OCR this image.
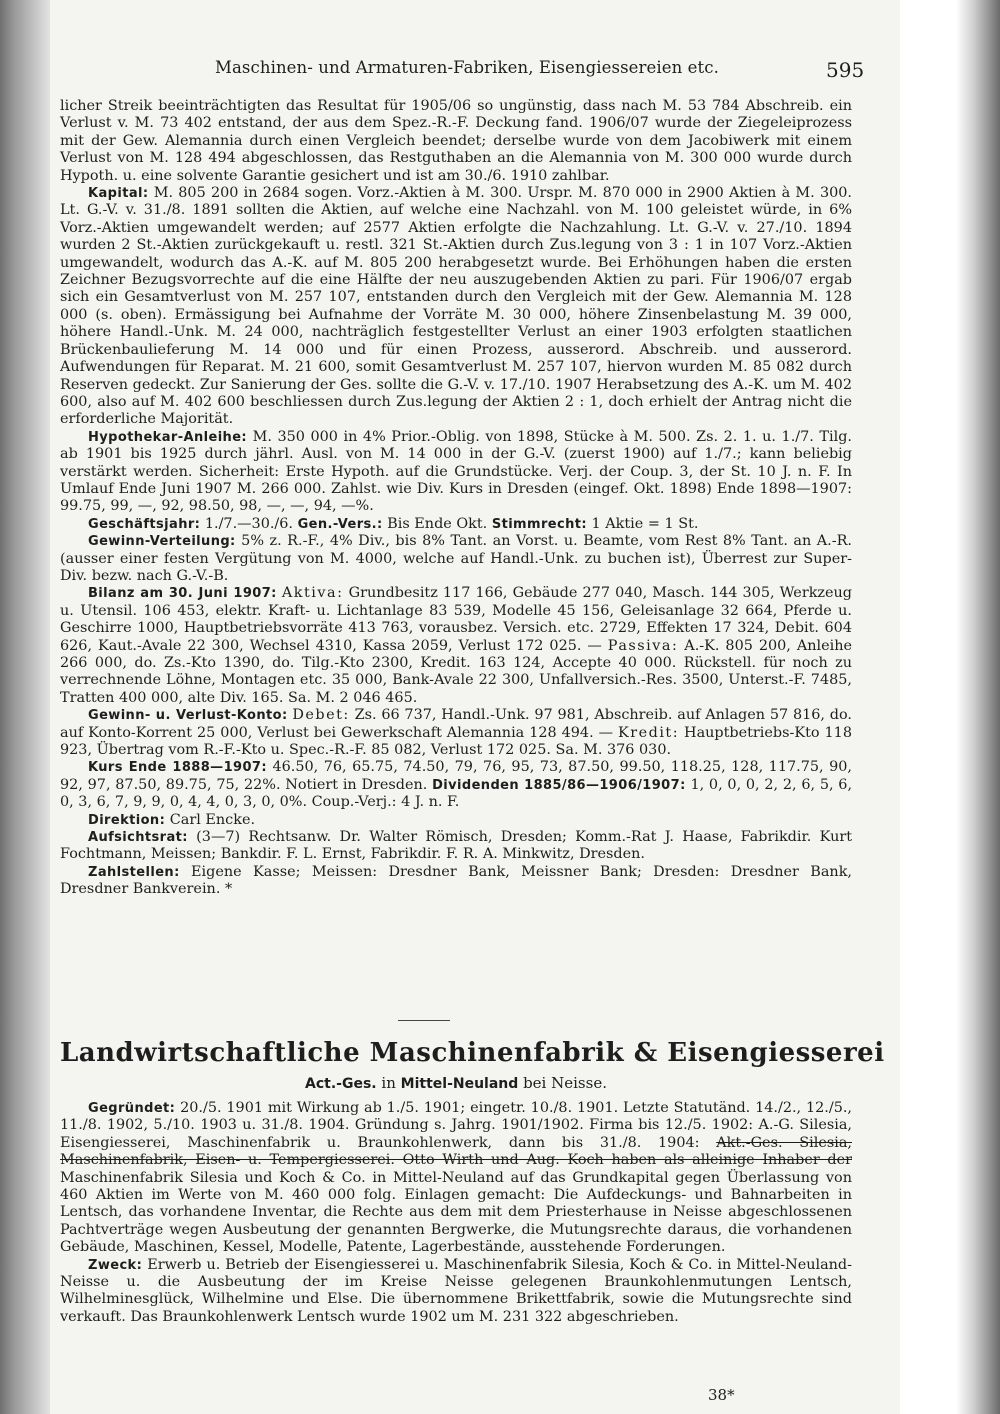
Maschinen- und Armaturen-Fabriken, Eisengiessereien etc.	595

licher Streik beeinträchtigten das Resultat für 1905/06 so ungünstig, dass nach M. 53 784 Abschreib. ein Verlust v. M. 73 402 entstand, der aus dem Spez.-R.-F. Deckung fand. 1906/07 wurde der Ziegeleiprozess mit der Gew. Alemannia durch einen Vergleich beendet; derselbe wurde von dem Jacobiwerk mit einem Verlust von M. 128 494 abgeschlossen, das Restguthaben an die Alemannia von M. 300 000 wurde durch Hypoth. u. eine solvente Garantie gesichert und ist am 30./6. 1910 zahlbar.

Kapital: M. 805 200 in 2684 sogen. Vorz.-Aktien à M. 300. Urspr. M. 870 000 in 2900 Aktien à M. 300. Lt. G.-V. v. 31./8. 1891 sollten die Aktien, auf welche eine Nachzahl. von M. 100 geleistet würde, in 6% Vorz.-Aktien umgewandelt werden; auf 2577 Aktien erfolgte die Nachzahlung. Lt. G.-V. v. 27./10. 1894 wurden 2 St.-Aktien zurückgekauft u. restl. 321 St.-Aktien durch Zus.legung von 3 : 1 in 107 Vorz.-Aktien umgewandelt, wodurch das A.-K. auf M. 805 200 herabgesetzt wurde. Bei Erhöhungen haben die ersten Zeichner Bezugsvorrechte auf die eine Hälfte der neu auszugebenden Aktien zu pari. Für 1906/07 ergab sich ein Gesamtverlust von M. 257 107, entstanden durch den Vergleich mit der Gew. Alemannia M. 128 000 (s. oben). Ermässigung bei Aufnahme der Vorräte M. 30 000, höhere Zinsenbelastung M. 39 000, höhere Handl.-Unk. M. 24 000, nachträglich festgestellter Verlust an einer 1903 erfolgten staatlichen Brückenbaulieferung M. 14 000 und für einen Prozess, ausserord. Abschreib. und ausserord. Aufwendungen für Reparat. M. 21 600, somit Gesamtverlust M. 257 107, hiervon wurden M. 85 082 durch Reserven gedeckt. Zur Sanierung der Ges. sollte die G.-V. v. 17./10. 1907 Herabsetzung des A.-K. um M. 402 600, also auf M. 402 600 beschliessen durch Zus.legung der Aktien 2 : 1, doch erhielt der Antrag nicht die erforderliche Majorität.

Hypothekar-Anleihe: M. 350 000 in 4% Prior.-Oblig. von 1898, Stücke à M. 500. Zs. 2. 1. u. 1./7. Tilg. ab 1901 bis 1925 durch jährl. Ausl. von M. 14 000 in der G.-V. (zuerst 1900) auf 1./7.; kann beliebig verstärkt werden. Sicherheit: Erste Hypoth. auf die Grundstücke. Verj. der Coup. 3, der St. 10 J. n. F. In Umlauf Ende Juni 1907 M. 266 000. Zahlst. wie Div. Kurs in Dresden (eingef. Okt. 1898) Ende 1898—1907: 99.75, 99, —, 92, 98.50, 98, —, —, 94, —%.

Geschäftsjahr: 1./7.—30./6. Gen.-Vers.: Bis Ende Okt. Stimmrecht: 1 Aktie = 1 St.

Gewinn-Verteilung: 5% z. R.-F., 4% Div., bis 8% Tant. an Vorst. u. Beamte, vom Rest 8% Tant. an A.-R. (ausser einer festen Vergütung von M. 4000, welche auf Handl.-Unk. zu buchen ist), Überrest zur Super-Div. bezw. nach G.-V.-B.

Bilanz am 30. Juni 1907: Aktiva: Grundbesitz 117 166, Gebäude 277 040, Masch. 144 305, Werkzeug u. Utensil. 106 453, elektr. Kraft- u. Lichtanlage 83 539, Modelle 45 156, Geleisanlage 32 664, Pferde u. Geschirre 1000, Hauptbetriebsvorräte 413 763, vorausbez. Versich. etc. 2729, Effekten 17 324, Debit. 604 626, Kaut.-Avale 22 300, Wechsel 4310, Kassa 2059, Verlust 172 025. — Passiva: A.-K. 805 200, Anleihe 266 000, do. Zs.-Kto 1390, do. Tilg.-Kto 2300, Kredit. 163 124, Accepte 40 000. Rückstell. für noch zu verrechnende Löhne, Montagen etc. 35 000, Bank-Avale 22 300, Unfallversich.-Res. 3500, Unterst.-F. 7485, Tratten 400 000, alte Div. 165. Sa. M. 2 046 465.

Gewinn- u. Verlust-Konto: Debet: Zs. 66 737, Handl.-Unk. 97 981, Abschreib. auf Anlagen 57 816, do. auf Konto-Korrent 25 000, Verlust bei Gewerkschaft Alemannia 128 494. — Kredit: Hauptbetriebs-Kto 118 923, Übertrag vom R.-F.-Kto u. Spec.-R.-F. 85 082, Verlust 172 025. Sa. M. 376 030.

Kurs Ende 1888—1907: 46.50, 76, 65.75, 74.50, 79, 76, 95, 73, 87.50, 99.50, 118.25, 128, 117.75, 90, 92, 97, 87.50, 89.75, 75, 22%. Notiert in Dresden. Dividenden 1885/86—1906/1907: 1, 0, 0, 0, 2, 2, 6, 5, 6, 0, 3, 6, 7, 9, 9, 0, 4, 4, 0, 3, 0, 0%. Coup.-Verj.: 4 J. n. F.

Direktion: Carl Encke.

Aufsichtsrat: (3—7) Rechtsanw. Dr. Walter Römisch, Dresden; Komm.-Rat J. Haase, Fabrikdir. Kurt Fochtmann, Meissen; Bankdir. F. L. Ernst, Fabrikdir. F. R. A. Minkwitz, Dresden.

Zahlstellen: Eigene Kasse; Meissen: Dresdner Bank, Meissner Bank; Dresden: Dresdner Bank, Dresdner Bankverein. *

Landwirtschaftliche Maschinenfabrik & Eisengiesserei
Act.-Ges. in Mittel-Neuland bei Neisse.

Gegründet: 20./5. 1901 mit Wirkung ab 1./5. 1901; eingetr. 10./8. 1901. Letzte Statutänd. 14./2., 12./5., 11./8. 1902, 5./10. 1903 u. 31./8. 1904. Gründung s. Jahrg. 1901/1902. Firma bis 12./5. 1902: A.-G. Silesia, Eisengiesserei, Maschinenfabrik u. Braunkohlenwerk, dann bis 31./8. 1904: Akt.-Ges. Silesia, Maschinenfabrik, Eisen- u. Tempergiesserei. Otto Wirth und Aug. Koch haben als alleinige Inhaber der Maschinenfabrik Silesia und Koch & Co. in Mittel-Neuland auf das Grundkapital gegen Überlassung von 460 Aktien im Werte von M. 460 000 folg. Einlagen gemacht: Die Aufdeckungs- und Bahnarbeiten in Lentsch, das vorhandene Inventar, die Rechte aus dem mit dem Priesterhause in Neisse abgeschlossenen Pachtverträge wegen Ausbeutung der genannten Bergwerke, die Mutungsrechte daraus, die vorhandenen Gebäude, Maschinen, Kessel, Modelle, Patente, Lagerbestände, ausstehende Forderungen.

Zweck: Erwerb u. Betrieb der Eisengiesserei u. Maschinenfabrik Silesia, Koch & Co. in Mittel-Neuland-Neisse u. die Ausbeutung der im Kreise Neisse gelegenen Braunkohlenmutungen Lentsch, Wilhelminesglück, Wilhelmine und Else. Die übernommene Brikettfabrik, sowie die Mutungsrechte sind verkauft. Das Braunkohlenwerk Lentsch wurde 1902 um M. 231 322 abgeschrieben.

38*
